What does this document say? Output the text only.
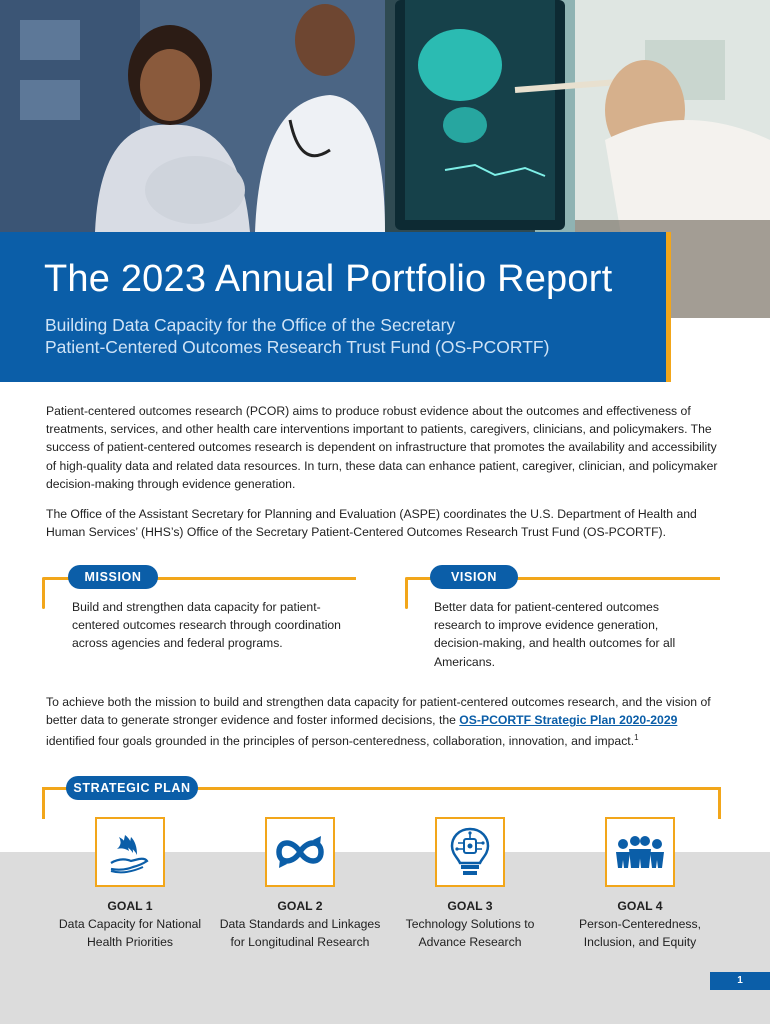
The 2023 Annual Portfolio Report
Building Data Capacity for the Office of the Secretary
Patient-Centered Outcomes Research Trust Fund (OS-PCORTF)
Patient-centered outcomes research (PCOR) aims to produce robust evidence about the outcomes and effectiveness of treatments, services, and other health care interventions important to patients, caregivers, clinicians, and policymakers. The success of patient-centered outcomes research is dependent on infrastructure that promotes the availability and accessibility of high-quality data and related data resources. In turn, these data can enhance patient, caregiver, clinician, and policymaker decision-making through evidence generation.
The Office of the Assistant Secretary for Planning and Evaluation (ASPE) coordinates the U.S. Department of Health and Human Services’ (HHS’s) Office of the Secretary Patient-Centered Outcomes Research Trust Fund (OS-PCORTF).
MISSION
Build and strengthen data capacity for patient-centered outcomes research through coordination across agencies and federal programs.
VISION
Better data for patient-centered outcomes research to improve evidence generation, decision-making, and health outcomes for all Americans.
To achieve both the mission to build and strengthen data capacity for patient-centered outcomes research, and the vision of better data to generate stronger evidence and foster informed decisions, the OS-PCORTF Strategic Plan 2020-2029 identified four goals grounded in the principles of person-centeredness, collaboration, innovation, and impact.$^1$
STRATEGIC PLAN
GOAL 1
Data Capacity for National
Health Priorities
GOAL 2
Data Standards and Linkages
for Longitudinal Research
GOAL 3
Technology Solutions to
Advance Research
GOAL 4
Person-Centeredness,
Inclusion, and Equity
1
